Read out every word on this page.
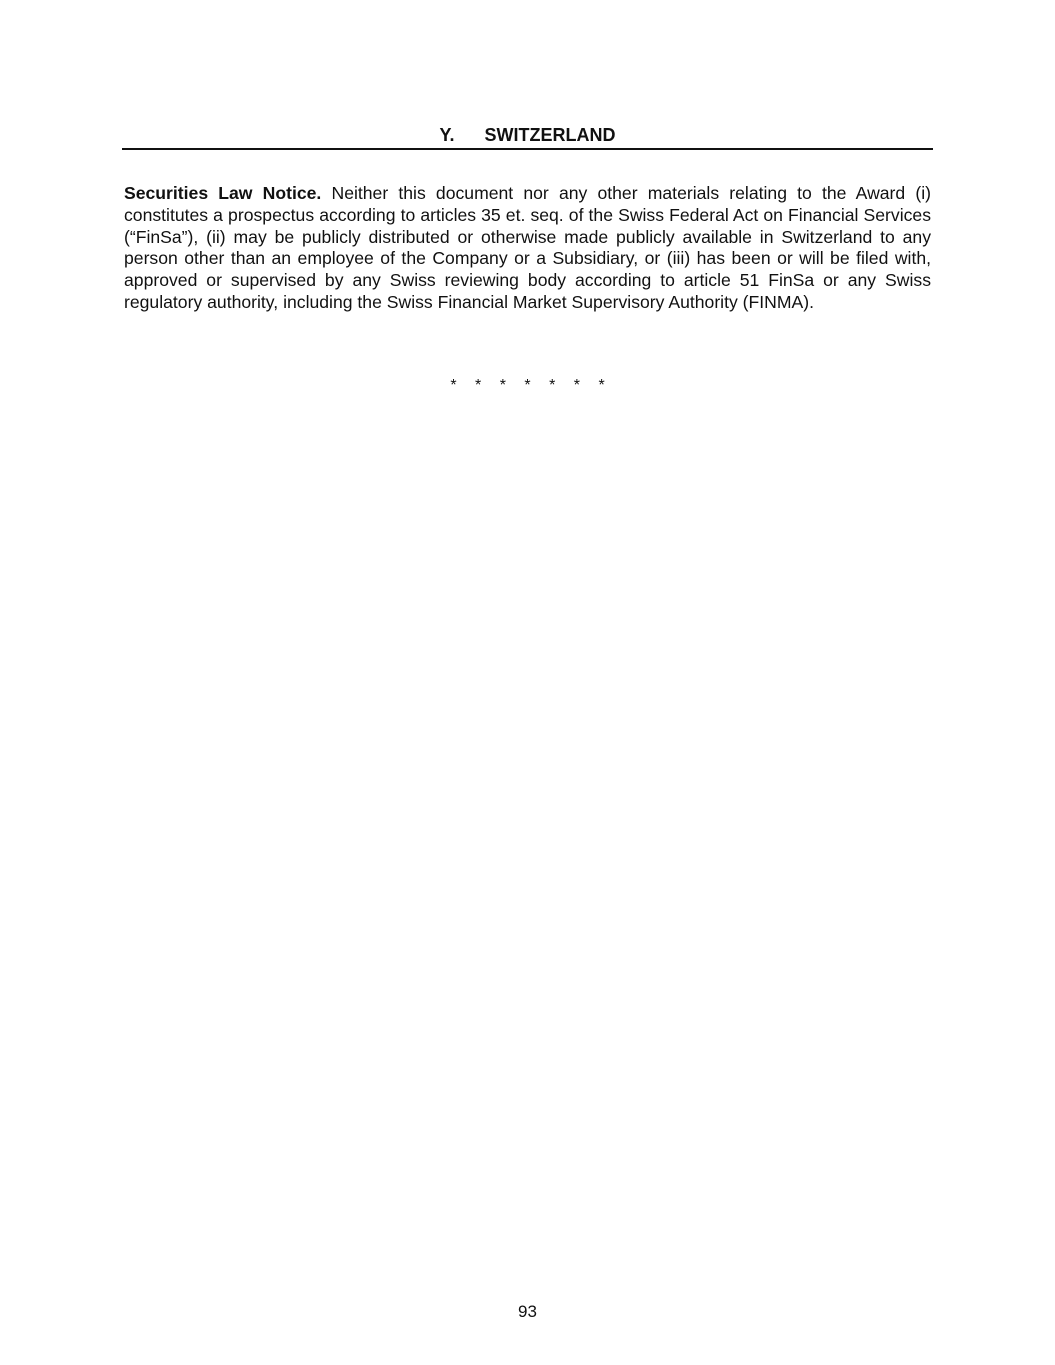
Y. SWITZERLAND

Securities Law Notice. Neither this document nor any other materials relating to the Award (i) constitutes a prospectus according to articles 35 et. seq. of the Swiss Federal Act on Financial Services (“FinSa”), (ii) may be publicly distributed or otherwise made publicly available in Switzerland to any person other than an employee of the Company or a Subsidiary, or (iii) has been or will be filed with, approved or supervised by any Swiss reviewing body according to article 51 FinSa or any Swiss regulatory authority, including the Swiss Financial Market Supervisory Authority (FINMA).

* * * * * * *
93
